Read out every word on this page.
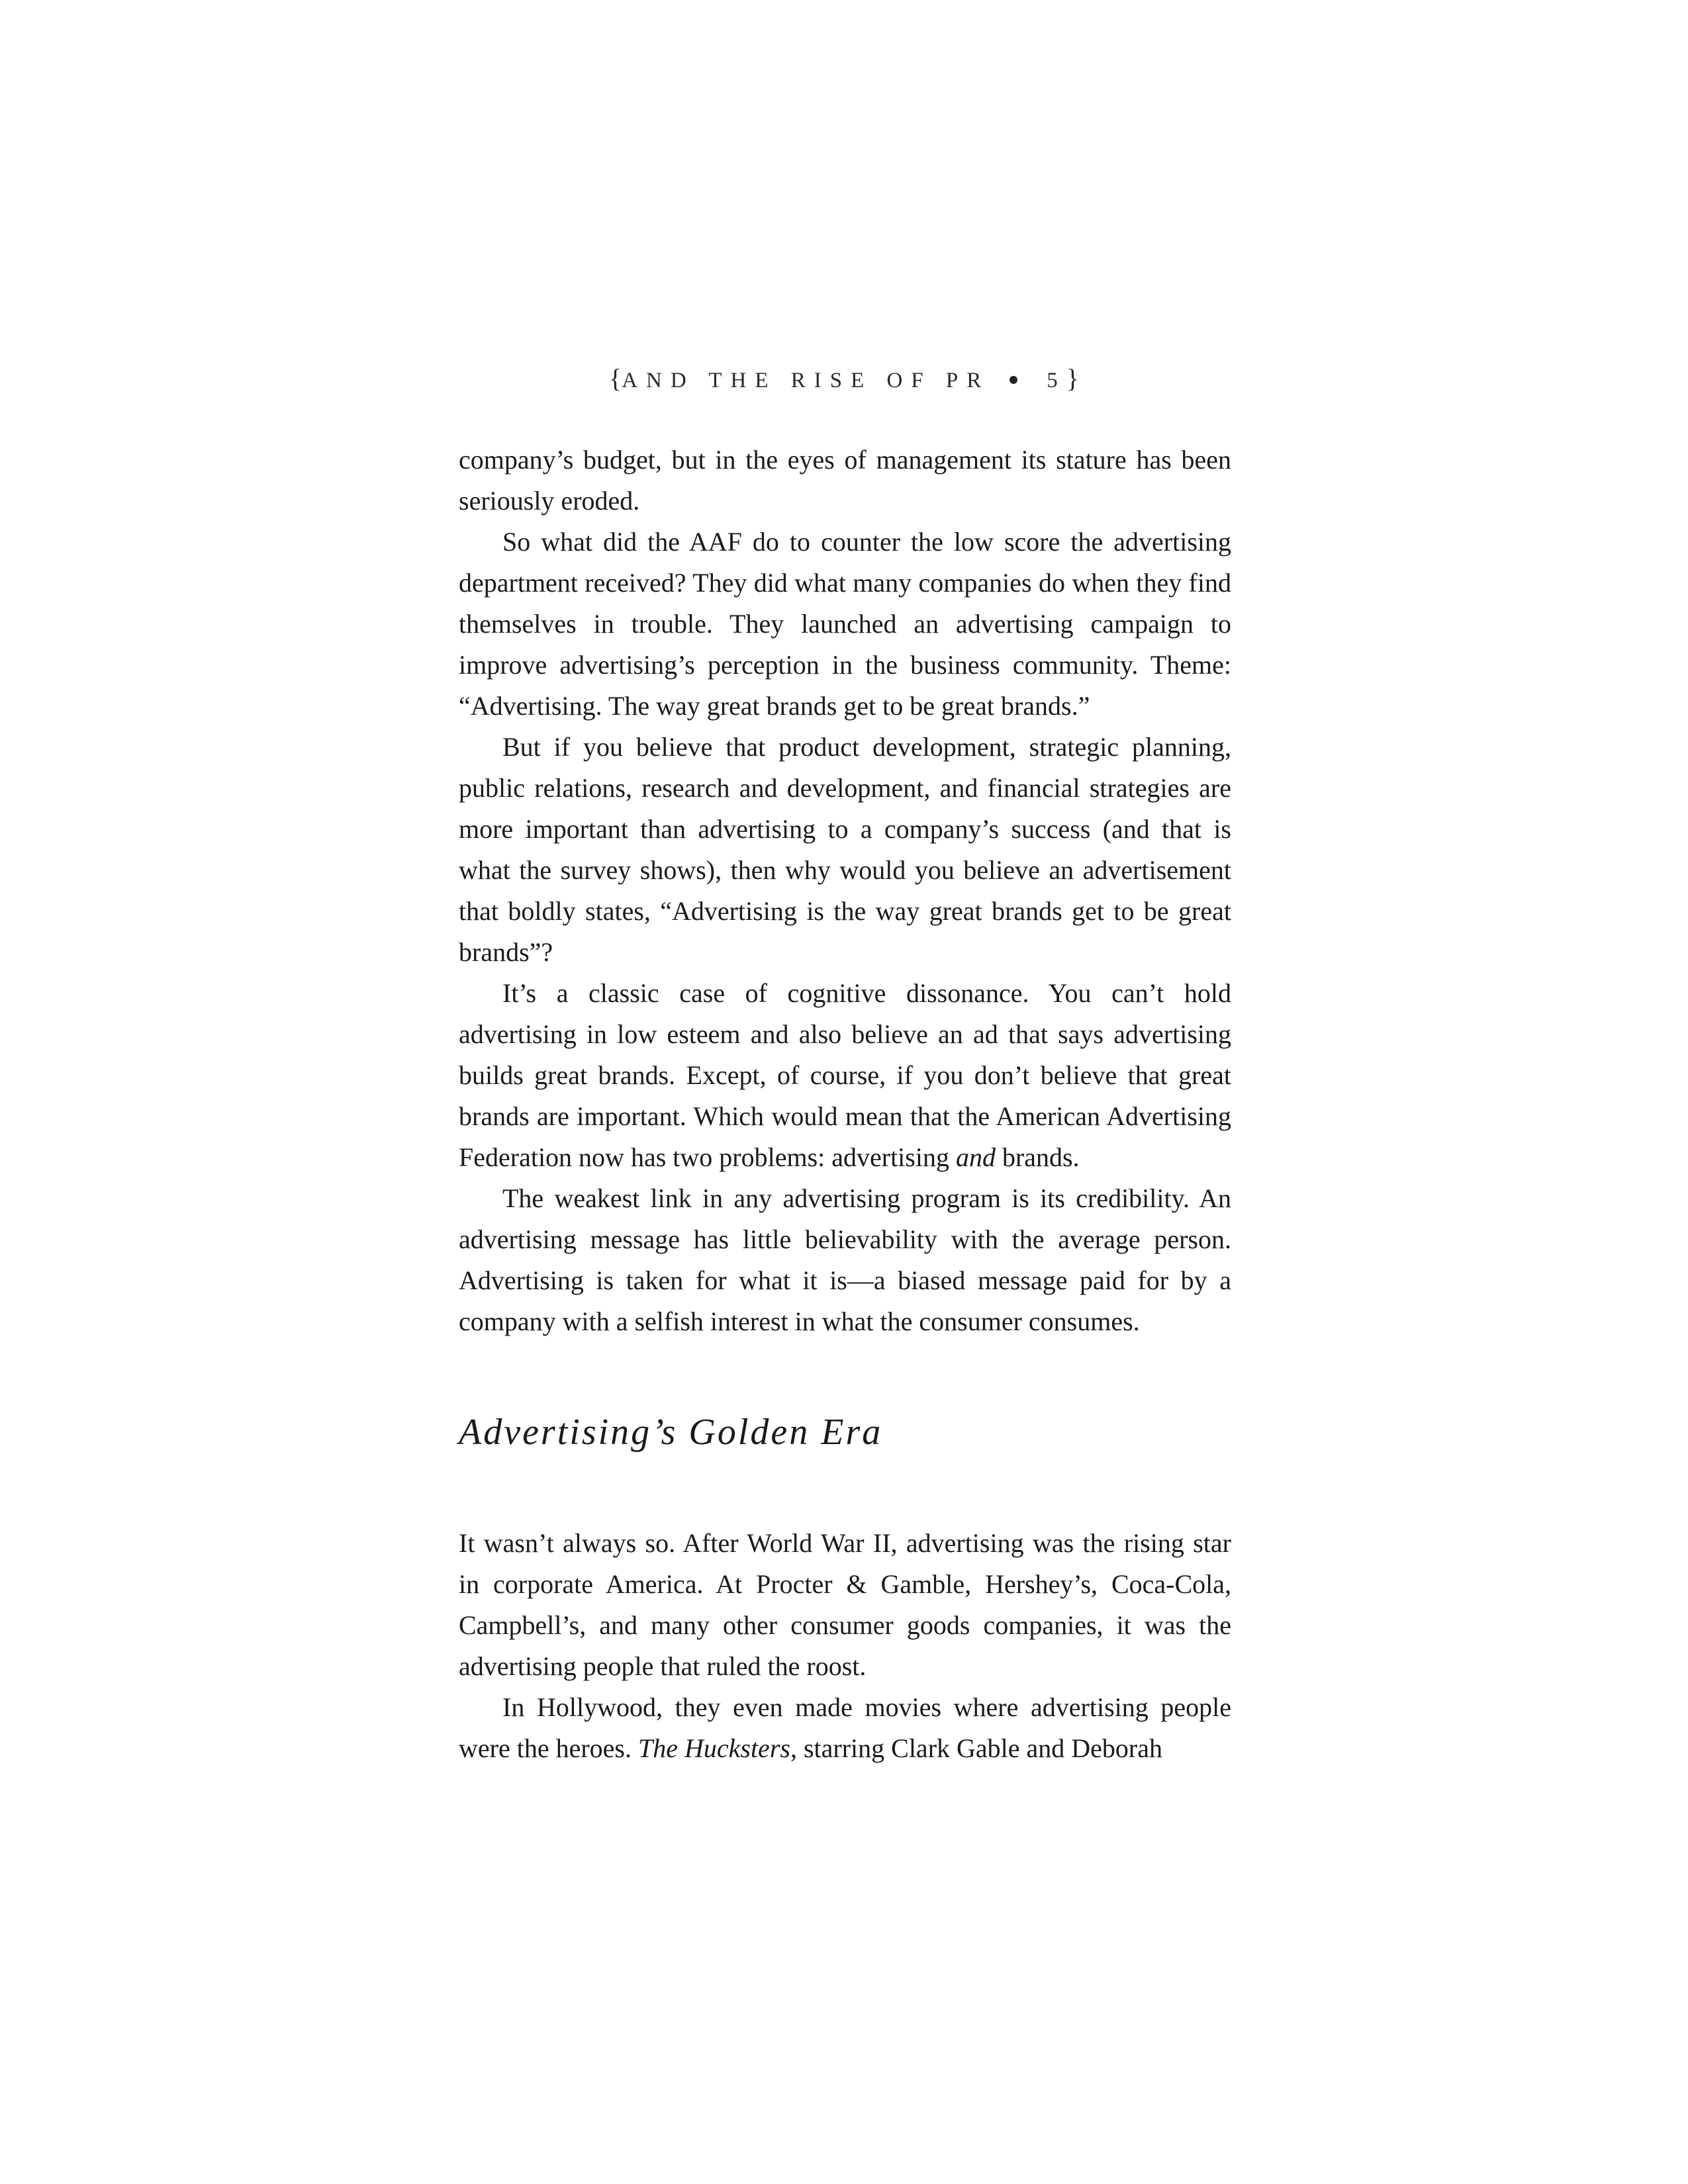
{AND THE RISE OF PR	5}

company’s budget, but in the eyes of management its stature has been seriously eroded.

So what did the AAF do to counter the low score the advertising department received? They did what many companies do when they find themselves in trouble. They launched an advertising campaign to improve advertising’s perception in the business community. Theme: “Advertising. The way great brands get to be great brands.”

But if you believe that product development, strategic planning, public relations, research and development, and financial strategies are more important than advertising to a company’s success (and that is what the survey shows), then why would you believe an advertisement that boldly states, “Advertising is the way great brands get to be great brands”?

It’s a classic case of cognitive dissonance. You can’t hold advertising in low esteem and also believe an ad that says advertising builds great brands. Except, of course, if you don’t believe that great brands are important. Which would mean that the American Advertising Federation now has two problems: advertising and brands.

The weakest link in any advertising program is its credibility. An advertising message has little believability with the average person. Advertising is taken for what it is—a biased message paid for by a company with a selfish interest in what the consumer consumes.

Advertising’s Golden Era

It wasn’t always so. After World War II, advertising was the rising star in corporate America. At Procter & Gamble, Hershey’s, Coca-Cola, Campbell’s, and many other consumer goods companies, it was the advertising people that ruled the roost.

In Hollywood, they even made movies where advertising people were the heroes. The Hucksters, starring Clark Gable and Deborah
